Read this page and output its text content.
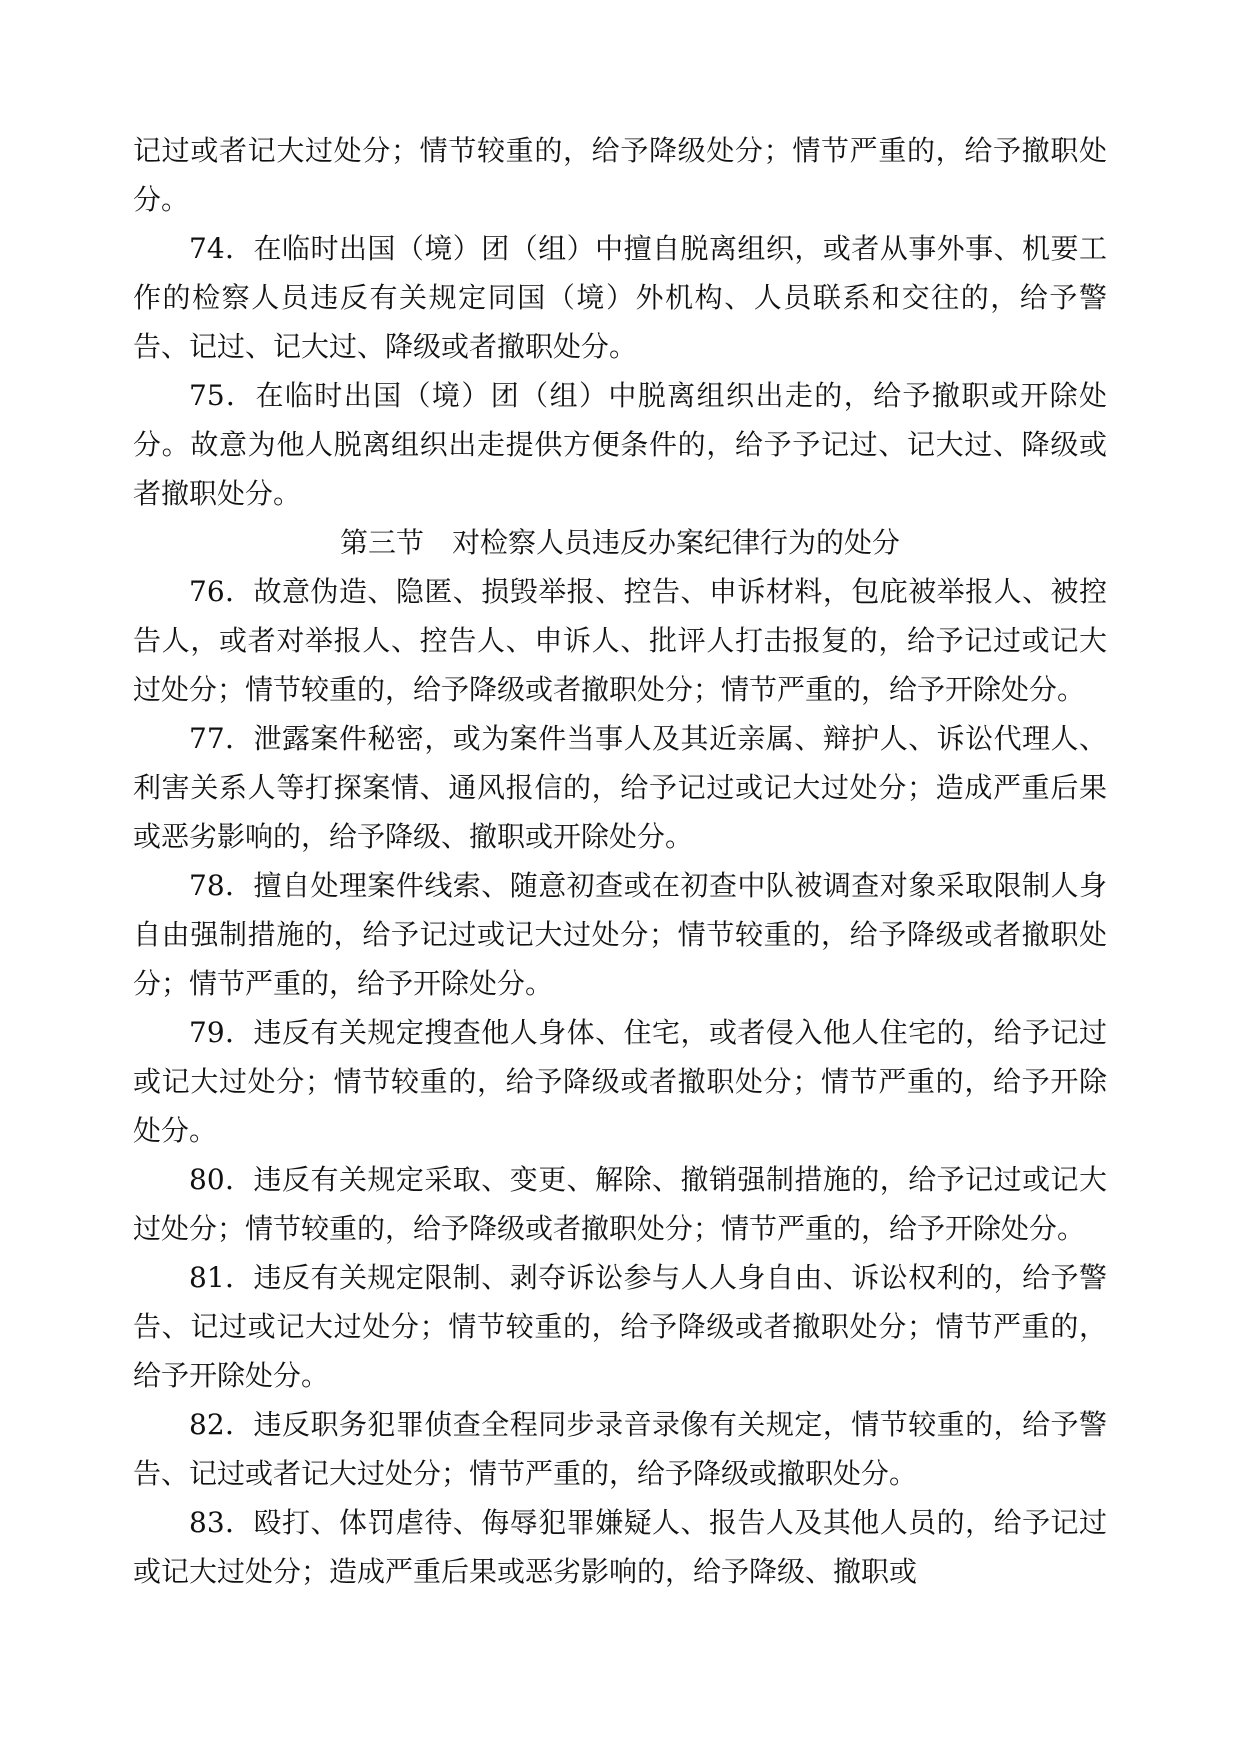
记过或者记大过处分；情节较重的，给予降级处分；情节严重的，给予撤职处分。

74．在临时出国（境）团（组）中擅自脱离组织，或者从事外事、机要工作的检察人员违反有关规定同国（境）外机构、人员联系和交往的，给予警告、记过、记大过、降级或者撤职处分。

75．在临时出国（境）团（组）中脱离组织出走的，给予撤职或开除处分。故意为他人脱离组织出走提供方便条件的，给予予记过、记大过、降级或者撤职处分。

第三节　对检察人员违反办案纪律行为的处分

76．故意伪造、隐匿、损毁举报、控告、申诉材料，包庇被举报人、被控告人，或者对举报人、控告人、申诉人、批评人打击报复的，给予记过或记大过处分；情节较重的，给予降级或者撤职处分；情节严重的，给予开除处分。

77．泄露案件秘密，或为案件当事人及其近亲属、辩护人、诉讼代理人、利害关系人等打探案情、通风报信的，给予记过或记大过处分；造成严重后果或恶劣影响的，给予降级、撤职或开除处分。

78．擅自处理案件线索、随意初查或在初查中队被调查对象采取限制人身自由强制措施的，给予记过或记大过处分；情节较重的，给予降级或者撤职处分；情节严重的，给予开除处分。

79．违反有关规定搜查他人身体、住宅，或者侵入他人住宅的，给予记过或记大过处分；情节较重的，给予降级或者撤职处分；情节严重的，给予开除处分。

80．违反有关规定采取、变更、解除、撤销强制措施的，给予记过或记大过处分；情节较重的，给予降级或者撤职处分；情节严重的，给予开除处分。

81．违反有关规定限制、剥夺诉讼参与人人身自由、诉讼权利的，给予警告、记过或记大过处分；情节较重的，给予降级或者撤职处分；情节严重的，给予开除处分。

82．违反职务犯罪侦查全程同步录音录像有关规定，情节较重的，给予警告、记过或者记大过处分；情节严重的，给予降级或撤职处分。

83．殴打、体罚虐待、侮辱犯罪嫌疑人、报告人及其他人员的，给予记过或记大过处分；造成严重后果或恶劣影响的，给予降级、撤职或
